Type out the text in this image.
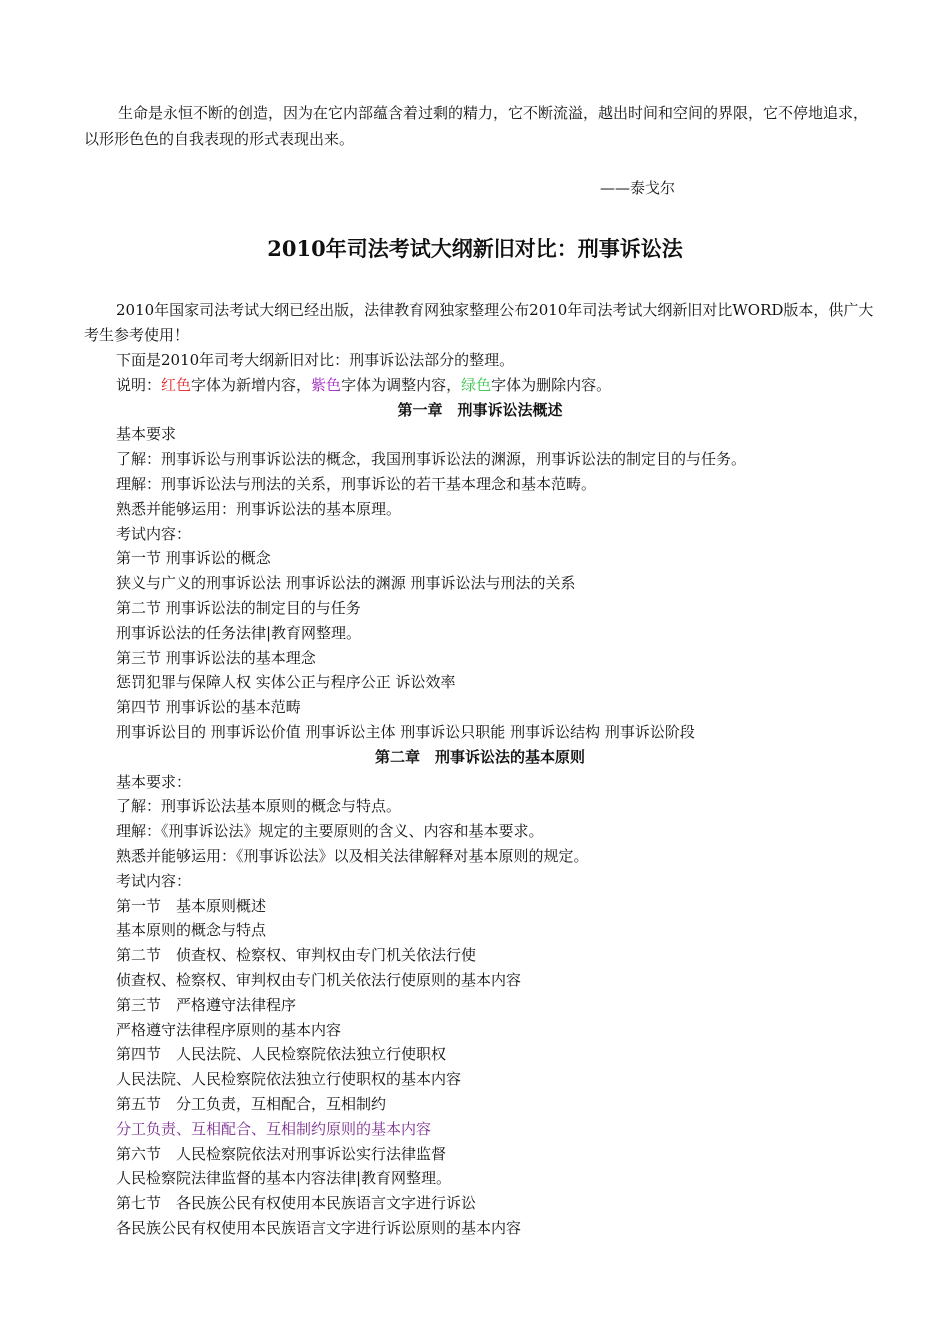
生命是永恒不断的创造，因为在它内部蕴含着过剩的精力，它不断流溢，越出时间和空间的界限，它不停地追求，以形形色色的自我表现的形式表现出来。
——泰戈尔
2010年司法考试大纲新旧对比：刑事诉讼法
2010年国家司法考试大纲已经出版，法律教育网独家整理公布2010年司法考试大纲新旧对比WORD版本，供广大考生参考使用！
下面是2010年司考大纲新旧对比：刑事诉讼法部分的整理。
说明：红色字体为新增内容，紫色字体为调整内容，绿色字体为删除内容。
第一章　刑事诉讼法概述
基本要求
了解：刑事诉讼与刑事诉讼法的概念，我国刑事诉讼法的渊源，刑事诉讼法的制定目的与任务。
理解：刑事诉讼法与刑法的关系，刑事诉讼的若干基本理念和基本范畴。
熟悉并能够运用：刑事诉讼法的基本原理。
考试内容：
第一节 刑事诉讼的概念
狭义与广义的刑事诉讼法 刑事诉讼法的渊源 刑事诉讼法与刑法的关系
第二节 刑事诉讼法的制定目的与任务
刑事诉讼法的任务法律|教育网整理。
第三节 刑事诉讼法的基本理念
惩罚犯罪与保障人权 实体公正与程序公正 诉讼效率
第四节 刑事诉讼的基本范畴
刑事诉讼目的 刑事诉讼价值 刑事诉讼主体 刑事诉讼只职能 刑事诉讼结构 刑事诉讼阶段
第二章　刑事诉讼法的基本原则
基本要求：
了解：刑事诉讼法基本原则的概念与特点。
理解：《刑事诉讼法》规定的主要原则的含义、内容和基本要求。
熟悉并能够运用：《刑事诉讼法》以及相关法律解释对基本原则的规定。
考试内容：
第一节　基本原则概述
基本原则的概念与特点
第二节　侦查权、检察权、审判权由专门机关依法行使
侦查权、检察权、审判权由专门机关依法行使原则的基本内容
第三节　严格遵守法律程序
严格遵守法律程序原则的基本内容
第四节　人民法院、人民检察院依法独立行使职权
人民法院、人民检察院依法独立行使职权的基本内容
第五节　分工负责，互相配合，互相制约
分工负责、互相配合、互相制约原则的基本内容
第六节　人民检察院依法对刑事诉讼实行法律监督
人民检察院法律监督的基本内容法律|教育网整理。
第七节　各民族公民有权使用本民族语言文字进行诉讼
各民族公民有权使用本民族语言文字进行诉讼原则的基本内容
